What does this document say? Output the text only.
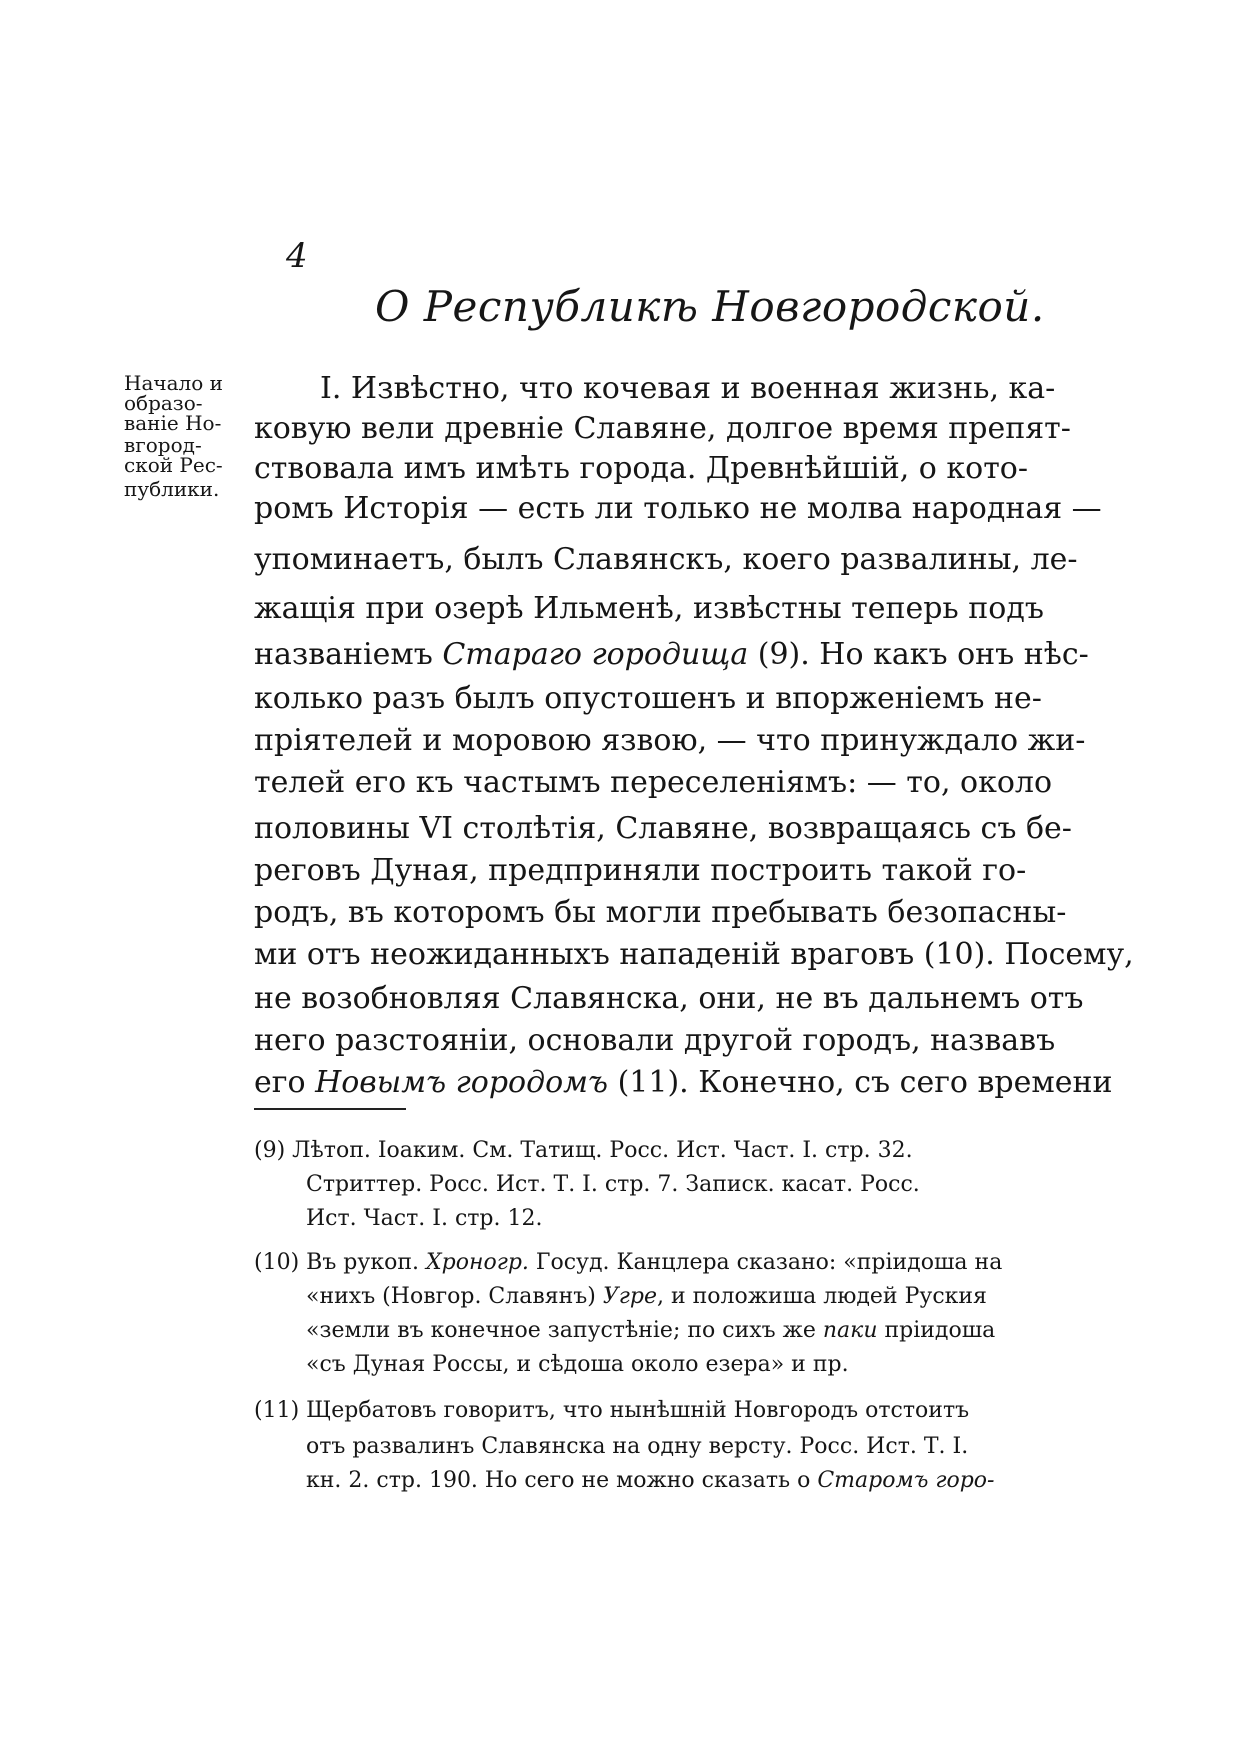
4
О Республикѣ Новгородской.
Начало и
образо-
ваніе Но-
вгород-
ской Рес-
публики.
I. Извѣстно, что кочевая и военная жизнь, ка-
ковую вели древніе Славяне, долгое время препят-
ствовала имъ имѣть города. Древнѣйшій, о кото-
ромъ Исторія — есть ли только не молва народная —
упоминаетъ, былъ Славянскъ, коего развалины, ле-
жащія при озерѣ Ильменѣ, извѣстны теперь подъ
названіемъ Стараго городища (9). Но какъ онъ нѣс-
колько разъ былъ опустошенъ и впорженіемъ не-
пріятелей и моровою язвою, — что принуждало жи-
телей его къ частымъ переселеніямъ: — то, около
половины VI столѣтія, Славяне, возвращаясь съ бе-
реговъ Дуная, предприняли построить такой го-
родъ, въ которомъ бы могли пребывать безопасны-
ми отъ неожиданныхъ нападеній враговъ (10). Посему,
не возобновляя Славянска, они, не въ дальнемъ отъ
него разстояніи, основали другой городъ, назвавъ
его Новымъ городомъ (11). Конечно, съ сего времени
(9) Лѣтоп. Іоаким. См. Татищ. Росс. Ист. Част. I. стр. 32.
Стриттер. Росс. Ист. Т. I. стр. 7. Записк. касат. Росс.
Ист. Част. I. стр. 12.
(10) Въ рукоп. Хроногр. Госуд. Канцлера сказано: «пріидоша на
«нихъ (Новгор. Славянъ) Угре, и положиша людей Руския
«земли въ конечное запустѣніе; по сихъ же паки пріидоша
«съ Дуная Россы, и сѣдоша около езера» и пр.
(11) Щербатовъ говоритъ, что нынѣшній Новгородъ отстоитъ
отъ развалинъ Славянска на одну версту. Росс. Ист. Т. I.
кн. 2. стр. 190. Но сего не можно сказать о Старомъ горо-
